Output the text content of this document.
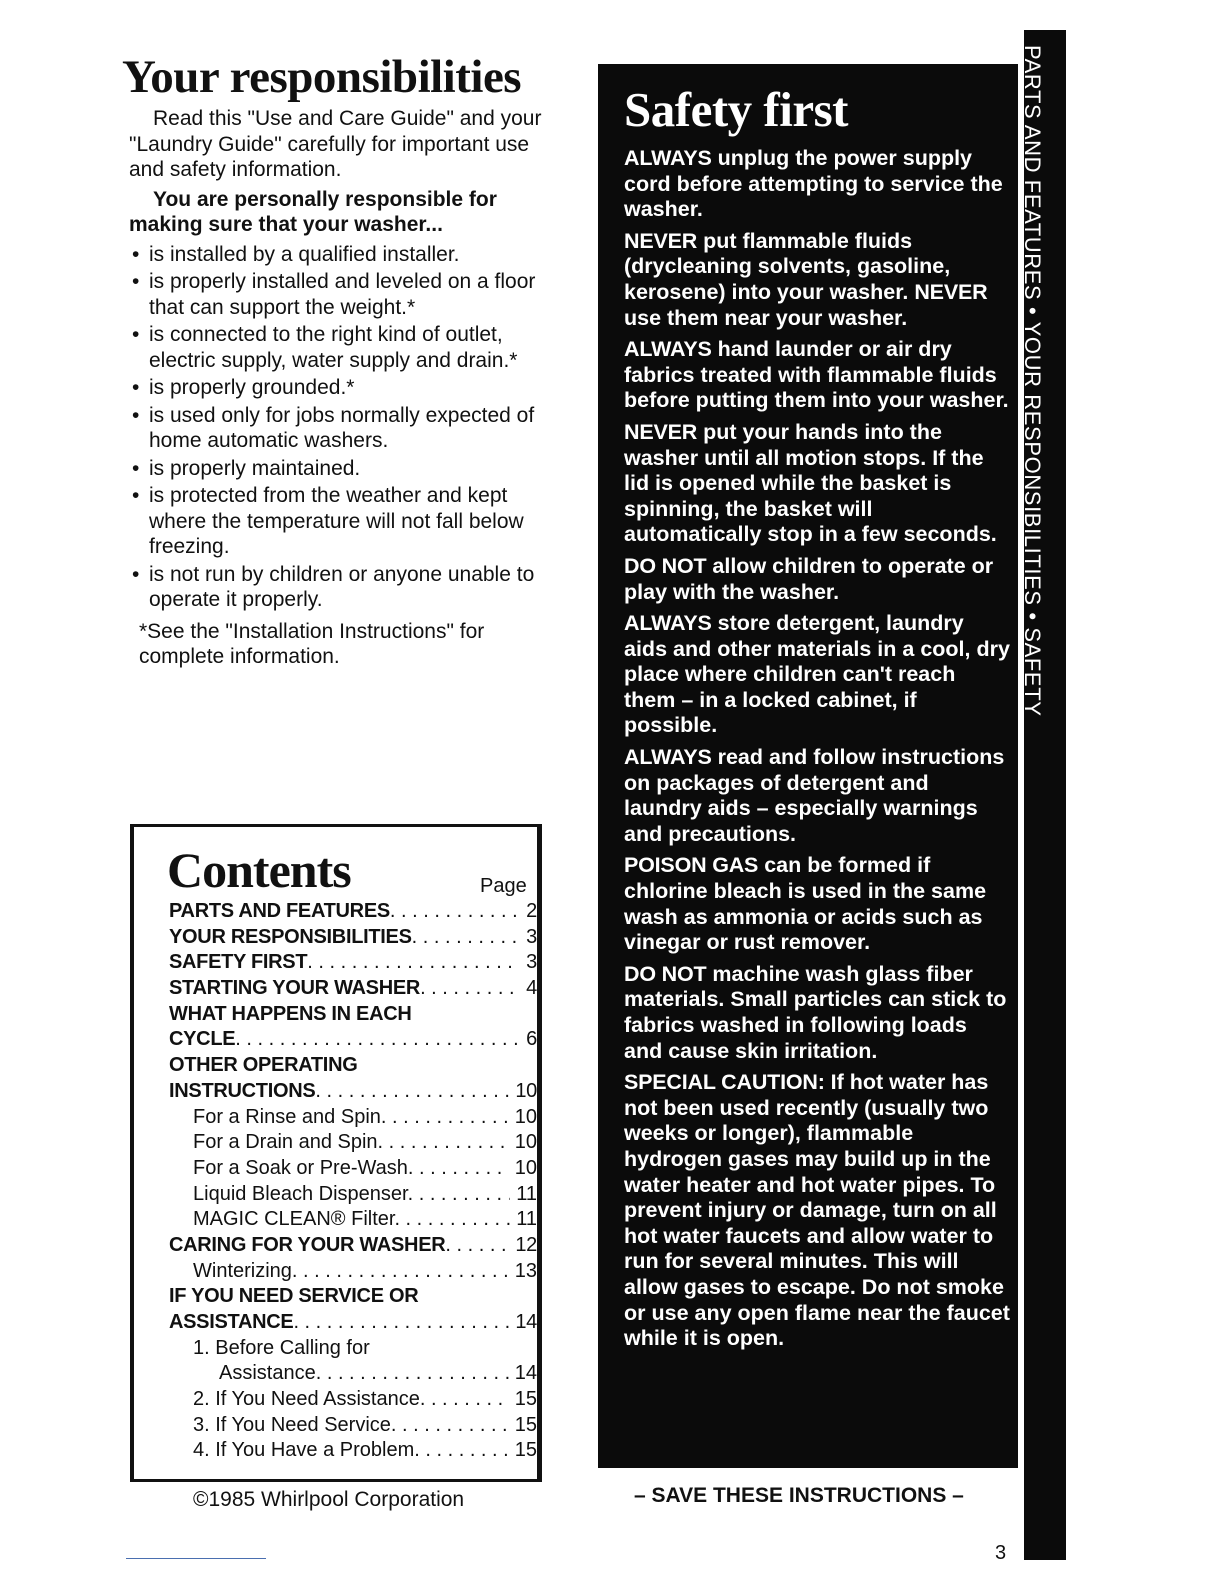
Your responsibilities

Read this "Use and Care Guide" and your "Laundry Guide" carefully for important use and safety information.

You are personally responsible for making sure that your washer...

• is installed by a qualified installer.
• is properly installed and leveled on a floor that can support the weight.*
• is connected to the right kind of outlet, electric supply, water supply and drain.*
• is properly grounded.*
• is used only for jobs normally expected of home automatic washers.
• is properly maintained.
• is protected from the weather and kept where the temperature will not fall below freezing.
• is not run by children or anyone unable to operate it properly.

*See the "Installation Instructions" for complete information.

Contents	Page
PARTS AND FEATURES . . .	2
YOUR RESPONSIBILITIES . . .	3
SAFETY FIRST . . .	3
STARTING YOUR WASHER . . .	4
WHAT HAPPENS IN EACH
CYCLE . . .	6
OTHER OPERATING
INSTRUCTIONS . . .	10
For a Rinse and Spin . . .	10
For a Drain and Spin . . .	10
For a Soak or Pre-Wash . . .	10
Liquid Bleach Dispenser . . .	11
MAGIC CLEAN® Filter . . .	11
CARING FOR YOUR WASHER . . .	12
Winterizing . . .	13
IF YOU NEED SERVICE OR
ASSISTANCE . . .	14
1. Before Calling for
Assistance . . .	14
2. If You Need Assistance . . .	15
3. If You Need Service . . .	15
4. If You Have a Problem . . .	15
©1985 Whirlpool Corporation
Safety first

ALWAYS unplug the power supply cord before attempting to service the washer.

NEVER put flammable fluids (drycleaning solvents, gasoline, kerosene) into your washer. NEVER use them near your washer.

ALWAYS hand launder or air dry fabrics treated with flammable fluids before putting them into your washer.

NEVER put your hands into the washer until all motion stops. If the lid is opened while the basket is spinning, the basket will automatically stop in a few seconds.

DO NOT allow children to operate or play with the washer.

ALWAYS store detergent, laundry aids and other materials in a cool, dry place where children can't reach them – in a locked cabinet, if possible.

ALWAYS read and follow instructions on packages of detergent and laundry aids – especially warnings and precautions.

POISON GAS can be formed if chlorine bleach is used in the same wash as ammonia or acids such as vinegar or rust remover.

DO NOT machine wash glass fiber materials. Small particles can stick to fabrics washed in following loads and cause skin irritation.

SPECIAL CAUTION: If hot water has not been used recently (usually two weeks or longer), flammable hydrogen gases may build up in the water heater and hot water pipes. To prevent injury or damage, turn on all hot water faucets and allow water to run for several minutes. This will allow gases to escape. Do not smoke or use any open flame near the faucet while it is open.

PARTS AND FEATURES • YOUR RESPONSIBILITIES • SAFETY
– SAVE THESE INSTRUCTIONS –
3
